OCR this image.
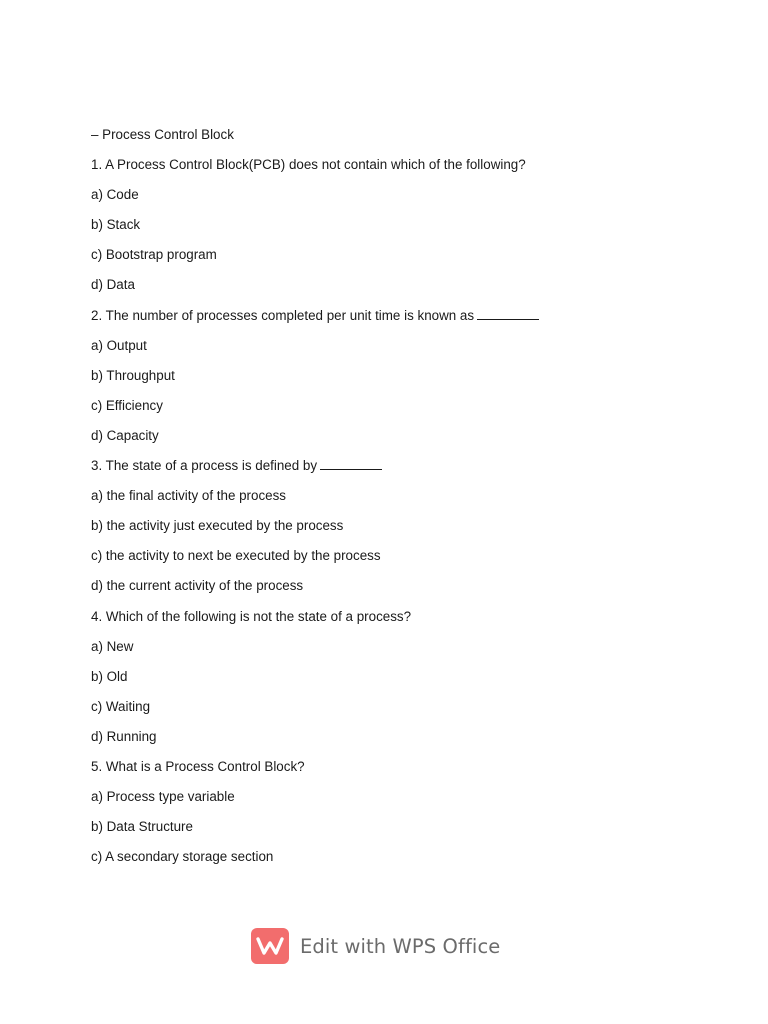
– Process Control Block
1. A Process Control Block(PCB) does not contain which of the following?
a) Code
b) Stack
c) Bootstrap program
d) Data
2. The number of processes completed per unit time is known as
a) Output
b) Throughput
c) Efficiency
d) Capacity
3. The state of a process is defined by
a) the final activity of the process
b) the activity just executed by the process
c) the activity to next be executed by the process
d) the current activity of the process
4. Which of the following is not the state of a process?
a) New
b) Old
c) Waiting
d) Running
5. What is a Process Control Block?
a) Process type variable
b) Data Structure
c) A secondary storage section
Edit with WPS Office
